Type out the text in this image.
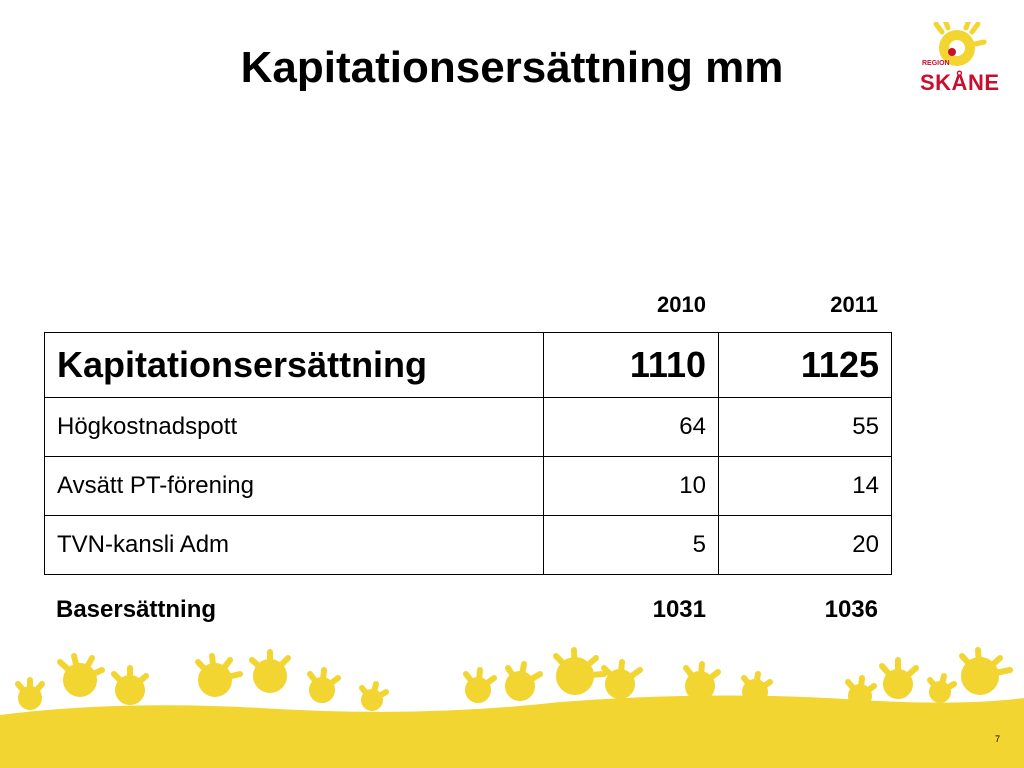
Kapitationsersättning mm	REGION
SKÅNE
2010	2011
Kapitationsersättning	1110	1125
Högkostnadspott	64	55
Avsätt PT-förening	10	14
TVN-kansli Adm	5	20
Basersättning	1031	1036
7
